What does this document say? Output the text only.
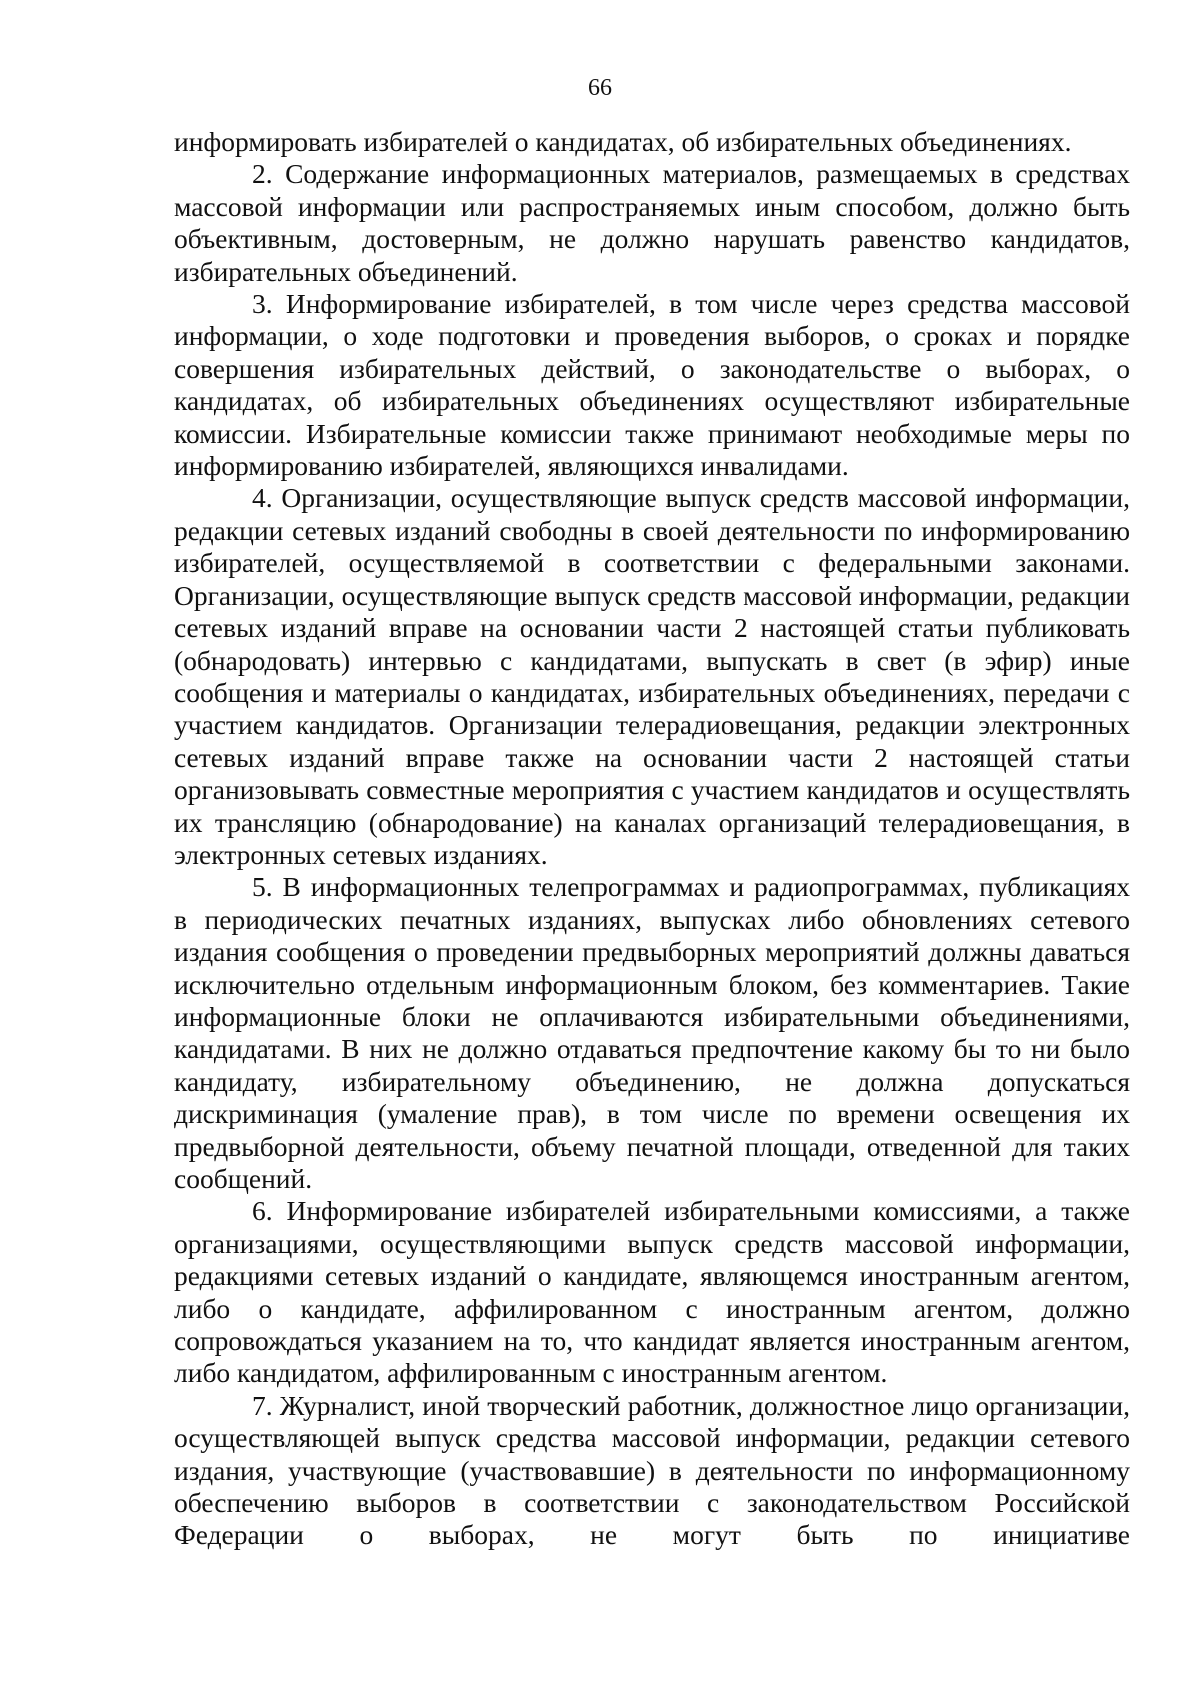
66

информировать избирателей о кандидатах, об избирательных объединениях.

2. Содержание информационных материалов, размещаемых в средствах массовой информации или распространяемых иным способом, должно быть объективным, достоверным, не должно нарушать равенство кандидатов, избирательных объединений.

3. Информирование избирателей, в том числе через средства массовой информации, о ходе подготовки и проведения выборов, о сроках и порядке совершения избирательных действий, о законодательстве о выборах, о кандидатах, об избирательных объединениях осуществляют избирательные комиссии. Избирательные комиссии также принимают необходимые меры по информированию избирателей, являющихся инвалидами.

4. Организации, осуществляющие выпуск средств массовой информации, редакции сетевых изданий свободны в своей деятельности по информированию избирателей, осуществляемой в соответствии с федеральными законами. Организации, осуществляющие выпуск средств массовой информации, редакции сетевых изданий вправе на основании части 2 настоящей статьи публиковать (обнародовать) интервью с кандидатами, выпускать в свет (в эфир) иные сообщения и материалы о кандидатах, избирательных объединениях, передачи с участием кандидатов. Организации телерадиовещания, редакции электронных сетевых изданий вправе также на основании части 2 настоящей статьи организовывать совместные мероприятия с участием кандидатов и осуществлять их трансляцию (обнародование) на каналах организаций телерадиовещания, в электронных сетевых изданиях.

5. В информационных телепрограммах и радиопрограммах, публикациях в периодических печатных изданиях, выпусках либо обновлениях сетевого издания сообщения о проведении предвыборных мероприятий должны даваться исключительно отдельным информационным блоком, без комментариев. Такие информационные блоки не оплачиваются избирательными объединениями, кандидатами. В них не должно отдаваться предпочтение какому бы то ни было кандидату, избирательному объединению, не должна допускаться дискриминация (умаление прав), в том числе по времени освещения их предвыборной деятельности, объему печатной площади, отведенной для таких сообщений.

6. Информирование избирателей избирательными комиссиями, а также организациями, осуществляющими выпуск средств массовой информации, редакциями сетевых изданий о кандидате, являющемся иностранным агентом, либо о кандидате, аффилированном с иностранным агентом, должно сопровождаться указанием на то, что кандидат является иностранным агентом, либо кандидатом, аффилированным с иностранным агентом.

7. Журналист, иной творческий работник, должностное лицо организации, осуществляющей выпуск средства массовой информации, редакции сетевого издания, участвующие (участвовавшие) в деятельности по информационному обеспечению выборов в соответствии с законодательством Российской Федерации о выборах, не могут быть по инициативе
